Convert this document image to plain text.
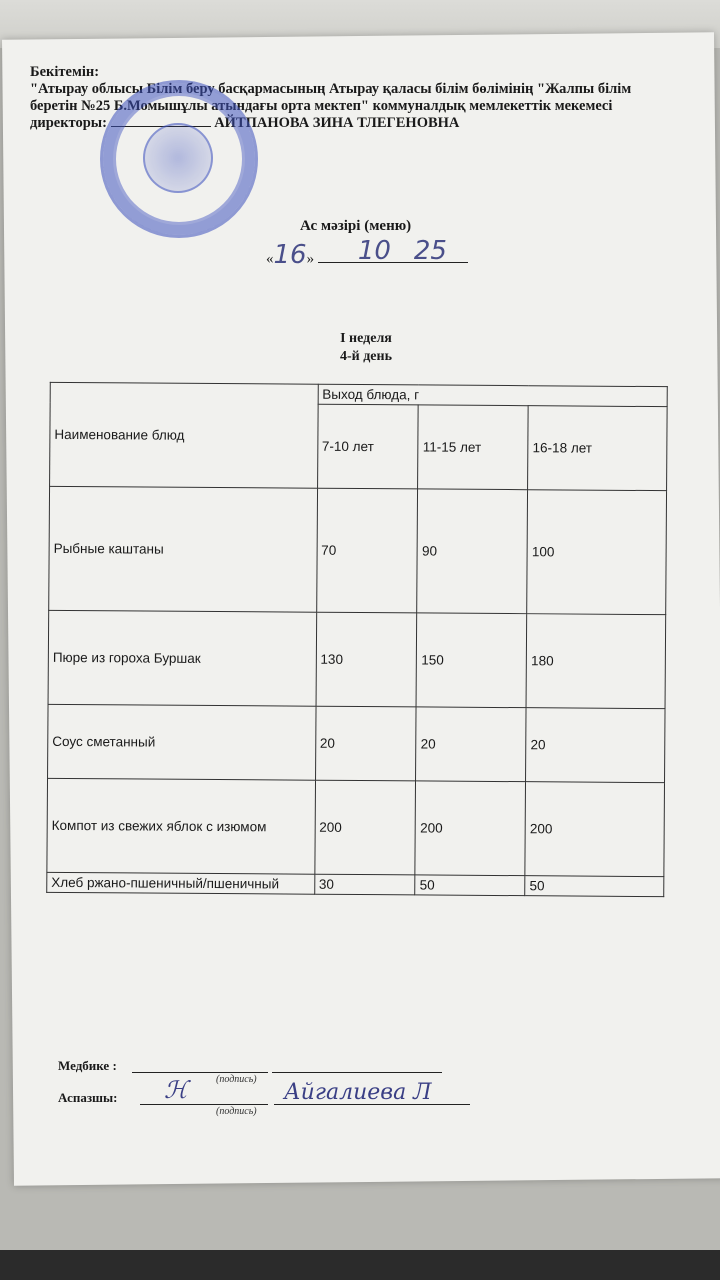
Бекітемін:
"Атырау облысы Білім беру басқармасының Атырау қаласы білім бөлімінің "Жалпы білім
беретін №25 Б.Момышұлы атындағы орта мектеп" коммуналдық мемлекеттік мекемесі
директоры:	АЙТПАНОВА ЗИНА ТЛЕГЕНОВНА
Ас мәзірі (меню)
«16» 10 25
I неделя
4-й день
Наименование блюд	Выход блюда, г		
	7-10 лет	11-15 лет	16-18 лет
Рыбные каштаны	70	90	100
Пюре из гороха Буршак	130	150	180
Соус сметанный	20	20	20
Компот из свежих яблок с изюмом	200	200	200
Хлеб ржано-пшеничный/пшеничный	30	50	50
Медбике :
(подпись)
Аспазшы:
(подпись)
ℋ	Айгалиева Л
